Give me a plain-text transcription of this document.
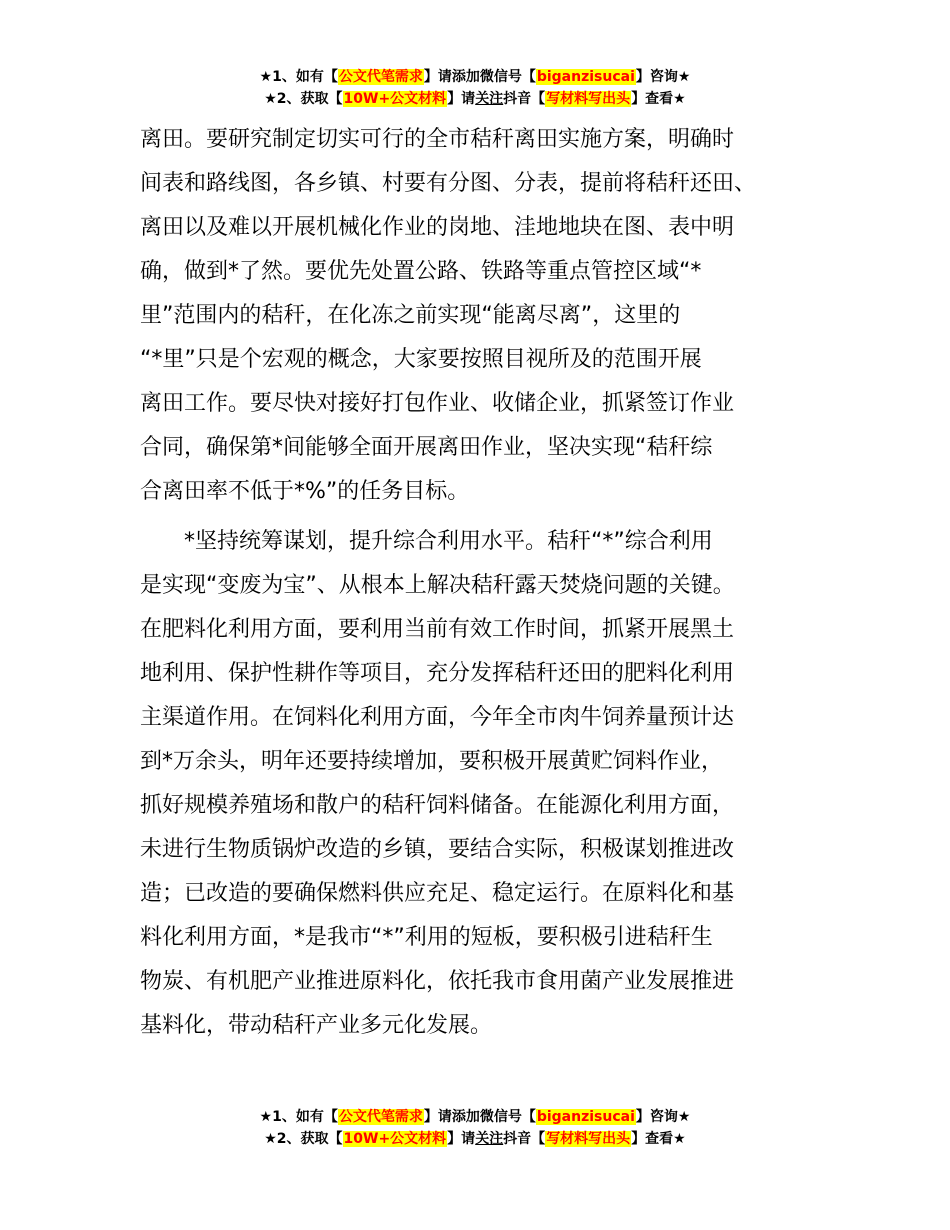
★1、如有【公文代笔需求】请添加微信号【biganzisucai】咨询★
★2、获取【10W+公文材料】请关注抖音【写材料写出头】查看★

离田。要研究制定切实可行的全市秸秆离田实施方案，明确时
间表和路线图，各乡镇、村要有分图、分表，提前将秸秆还田、
离田以及难以开展机械化作业的岗地、洼地地块在图、表中明
确，做到*了然。要优先处置公路、铁路等重点管控区域“*
里”范围内的秸秆，在化冻之前实现“能离尽离”，这里的
“*里”只是个宏观的概念，大家要按照目视所及的范围开展
离田工作。要尽快对接好打包作业、收储企业，抓紧签订作业
合同，确保第*间能够全面开展离田作业，坚决实现“秸秆综
合离田率不低于*%”的任务目标。

*坚持统筹谋划，提升综合利用水平。秸秆“*”综合利用
是实现“变废为宝”、从根本上解决秸秆露天焚烧问题的关键。
在肥料化利用方面，要利用当前有效工作时间，抓紧开展黑土
地利用、保护性耕作等项目，充分发挥秸秆还田的肥料化利用
主渠道作用。在饲料化利用方面，今年全市肉牛饲养量预计达
到*万余头，明年还要持续增加，要积极开展黄贮饲料作业，
抓好规模养殖场和散户的秸秆饲料储备。在能源化利用方面，
未进行生物质锅炉改造的乡镇，要结合实际，积极谋划推进改
造；已改造的要确保燃料供应充足、稳定运行。在原料化和基
料化利用方面，*是我市“*”利用的短板，要积极引进秸秆生
物炭、有机肥产业推进原料化，依托我市食用菌产业发展推进
基料化，带动秸秆产业多元化发展。

★1、如有【公文代笔需求】请添加微信号【biganzisucai】咨询★
★2、获取【10W+公文材料】请关注抖音【写材料写出头】查看★
